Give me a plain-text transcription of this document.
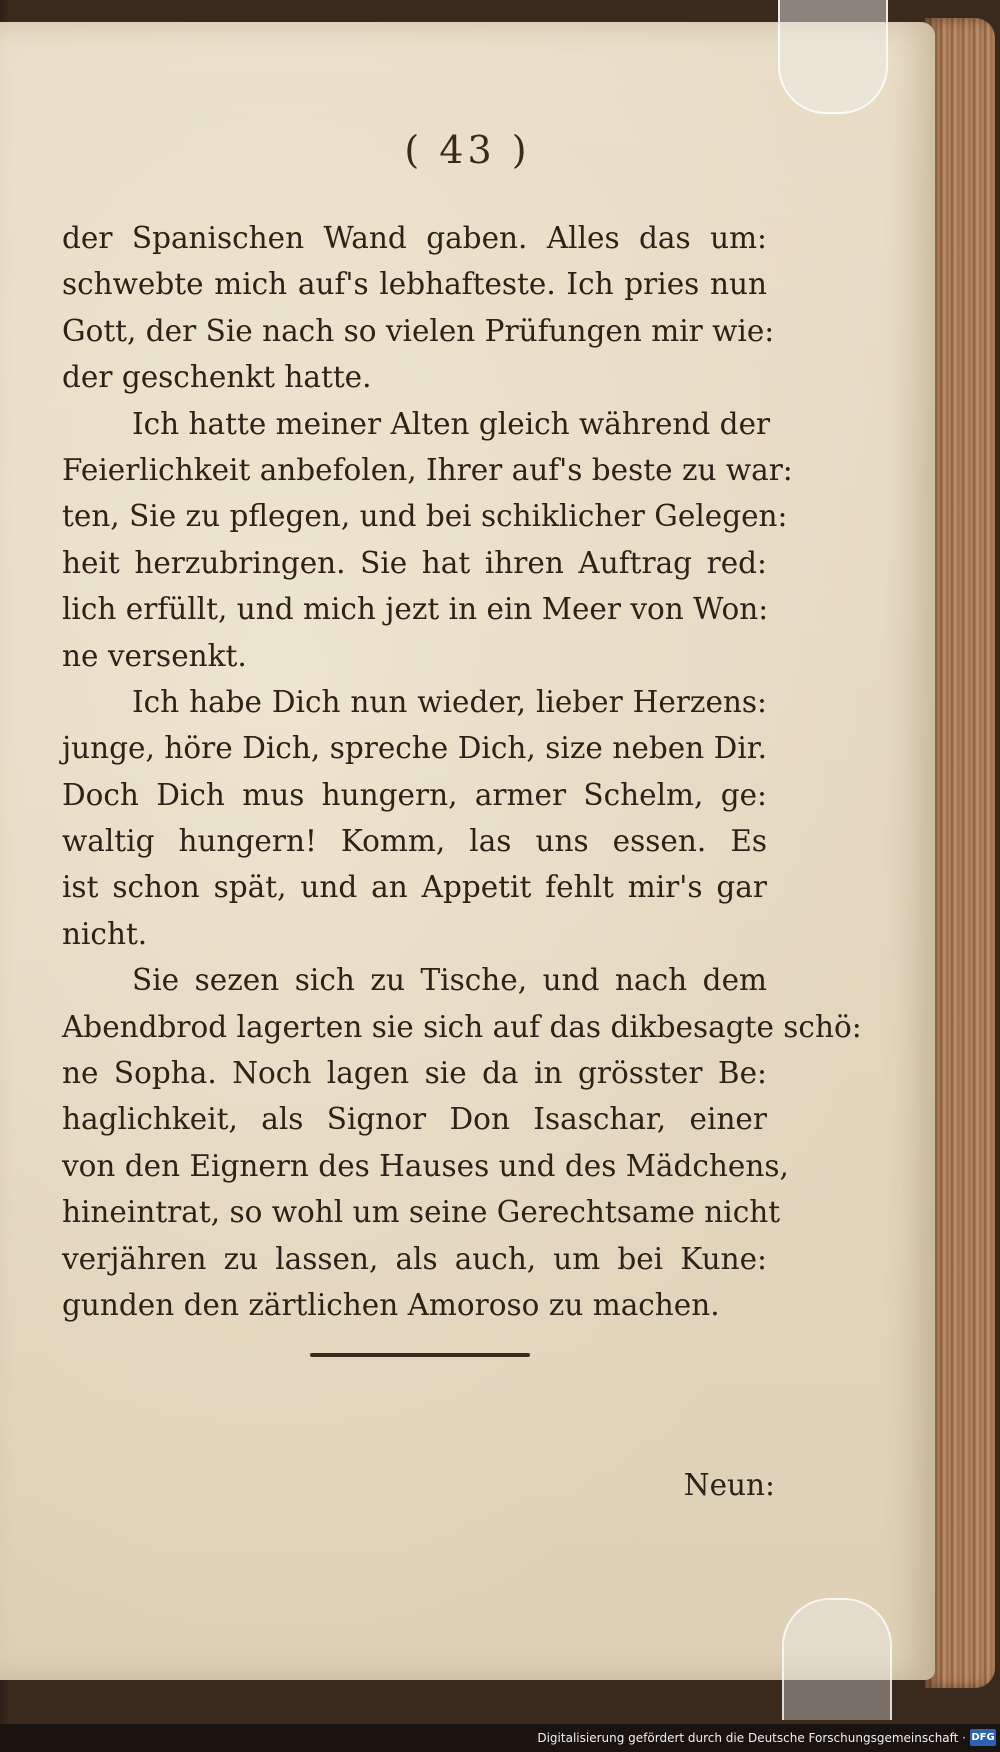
( 43 )
der Spanischen Wand gaben. Alles das um:
schwebte mich auf's lebhafteste. Ich pries nun
Gott, der Sie nach so vielen Prüfungen mir wie:
der geschenkt hatte.
Ich hatte meiner Alten gleich während der
Feierlichkeit anbefolen, Ihrer auf's beste zu war:
ten, Sie zu pflegen, und bei schiklicher Gelegen:
heit herzubringen. Sie hat ihren Auftrag red:
lich erfüllt, und mich jezt in ein Meer von Won:
ne versenkt.
Ich habe Dich nun wieder, lieber Herzens:
junge, höre Dich, spreche Dich, size neben Dir.
Doch Dich mus hungern, armer Schelm, ge:
waltig hungern! Komm, las uns essen. Es
ist schon spät, und an Appetit fehlt mir's gar
nicht.
Sie sezen sich zu Tische, und nach dem
Abendbrod lagerten sie sich auf das dikbesagte schö:
ne Sopha. Noch lagen sie da in grösster Be:
haglichkeit, als Signor Don Isaschar, einer
von den Eignern des Hauses und des Mädchens,
hineintrat, so wohl um seine Gerechtsame nicht
verjähren zu lassen, als auch, um bei Kune:
gunden den zärtlichen Amoroso zu machen.
Neun:
Digitalisierung gefördert durch die Deutsche Forschungsgemeinschaft · DFG
